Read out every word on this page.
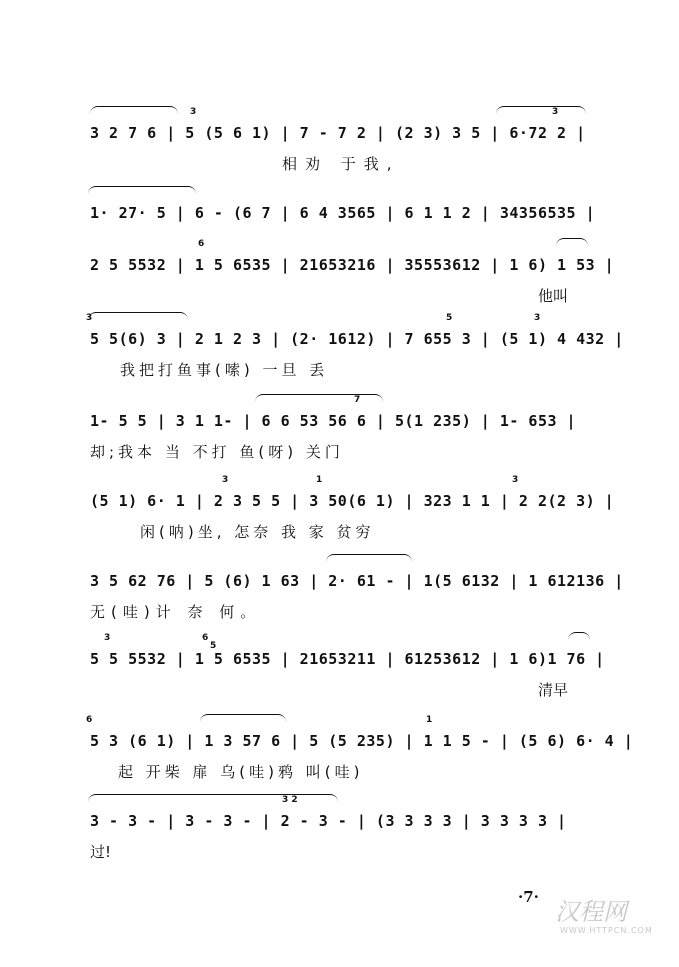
3	3
3 2 7 6 | 5 (5 6 1) | 7 - 7 2 | (2 3) 3 5 | 6·72 2 |
相劝 于我,
1· 27· 5 | 6 - (6 7 | 6 4 3565 | 6 1 1 2 | 34356535 |
6
2 5 5532 | 1 5 6535 | 21653216 | 35553612 | 1 6) 1 53 |
他叫
3	5	3
5 5(6) 3 | 2 1 2 3 | (2· 1612) | 7 655 3 | (5 1) 4 432 |
我把打鱼事(嗦) 一旦 丢
7
1- 5 5 | 3 1 1- | 6 6 53 56 6 | 5(1 235) | 1- 653 |
却;我本 当 不打 鱼(呀) 关门
3	1	3
(5 1) 6· 1 | 2 3 5 5 | 3 50(6 1) | 323 1 1 | 2 2(2 3) |
闲(呐)坐, 怎奈 我 家 贫穷
3 5 62 76 | 5 (6) 1 63 | 2· 61 - | 1(5 6132 | 1 612136 |
无(哇)计 奈 何。
3	6
5
5 5 5532 | 1 5 6535 | 21653211 | 61253612 | 1 6)1 76 |
清早
6	1
5 3 (6 1) | 1 3 57 6 | 5 (5 235) | 1 1 5 - | (5 6) 6· 4 |
起 开柴 扉 乌(哇)鸦 叫(哇)
3 2
3 - 3 - | 3 - 3 - | 2 - 3 - | (3 3 3 3 | 3 3 3 3 |
过!
·7·
汉程网
WWW.HTTPCN.COM
